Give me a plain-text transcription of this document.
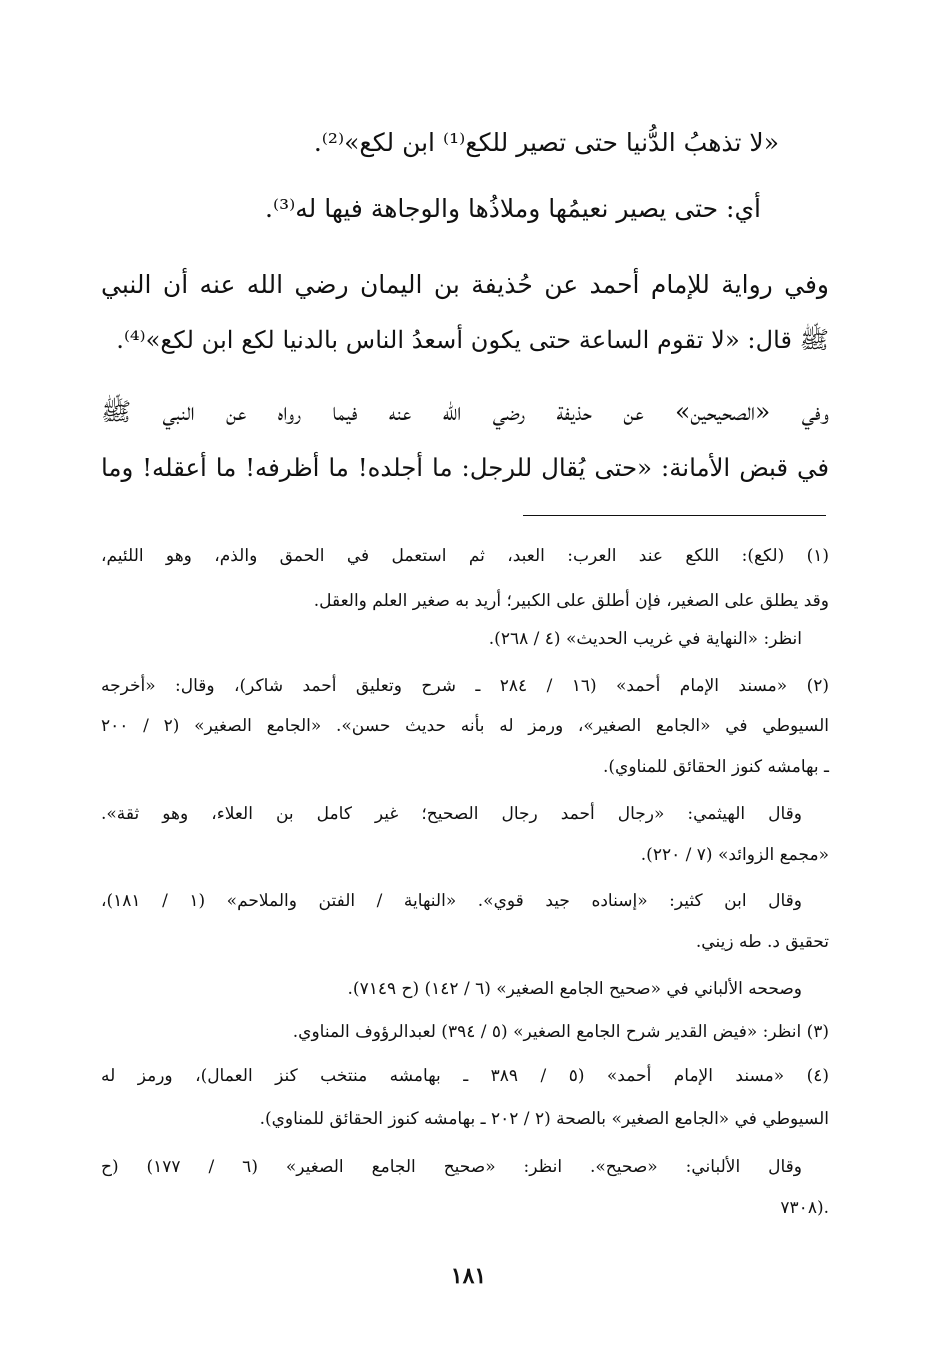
«لا تذهبُ الدُّنيا حتى تصير للكع⁽¹⁾ ابن لكع»⁽²⁾.
أي: حتى يصير نعيمُها وملاذُها والوجاهة فيها له⁽³⁾.
وفي رواية للإمام أحمد عن حُذيفة بن اليمان رضي الله عنه أن النبي
ﷺ قال: «لا تقوم الساعة حتى يكون أسعدُ الناس بالدنيا لكع ابن لكع»⁽⁴⁾.
وفي «الصحيحين» عن حذيفة رضي الله عنه فيما رواه عن النبي ﷺ
في قبض الأمانة: «حتى يُقال للرجل: ما أجلده! ما أظرفه! ما أعقله! وما
(١) (لكع): اللكع عند العرب: العبد، ثم استعمل في الحمق والذم، وهو اللئيم،
وقد يطلق على الصغير، فإن أطلق على الكبير؛ أريد به صغير العلم والعقل.
انظر: «النهاية في غريب الحديث» (٤ / ٢٦٨).
(٢) «مسند الإمام أحمد» (١٦ / ٢٨٤ ـ شرح وتعليق أحمد شاكر)، وقال: «أخرجه
السيوطي في «الجامع الصغير»، ورمز له بأنه حديث حسن». «الجامع الصغير» (٢ / ٢٠٠
ـ بهامشه كنوز الحقائق للمناوي).
وقال الهيثمي: «رجال أحمد رجال الصحيح؛ غير كامل بن العلاء، وهو ثقة».
«مجمع الزوائد» (٧ / ٢٢٠).
وقال ابن كثير: «إسناده جيد قوي». «النهاية / الفتن والملاحم» (١ / ١٨١)،
تحقيق د. طه زيني.
وصححه الألباني في «صحيح الجامع الصغير» (٦ / ١٤٢) (ح ٧١٤٩).
(٣) انظر: «فيض القدير شرح الجامع الصغير» (٥ / ٣٩٤) لعبدالرؤوف المناوي.
(٤) «مسند الإمام أحمد» (٥ / ٣٨٩ ـ بهامشه منتخب كنز العمال)، ورمز له
السيوطي في «الجامع الصغير» بالصحة (٢ / ٢٠٢ ـ بهامشه كنوز الحقائق للمناوي).
وقال الألباني: «صحيح». انظر: «صحيح الجامع الصغير» (٦ / ١٧٧) (ح
٧٣٠٨).
١٨١
